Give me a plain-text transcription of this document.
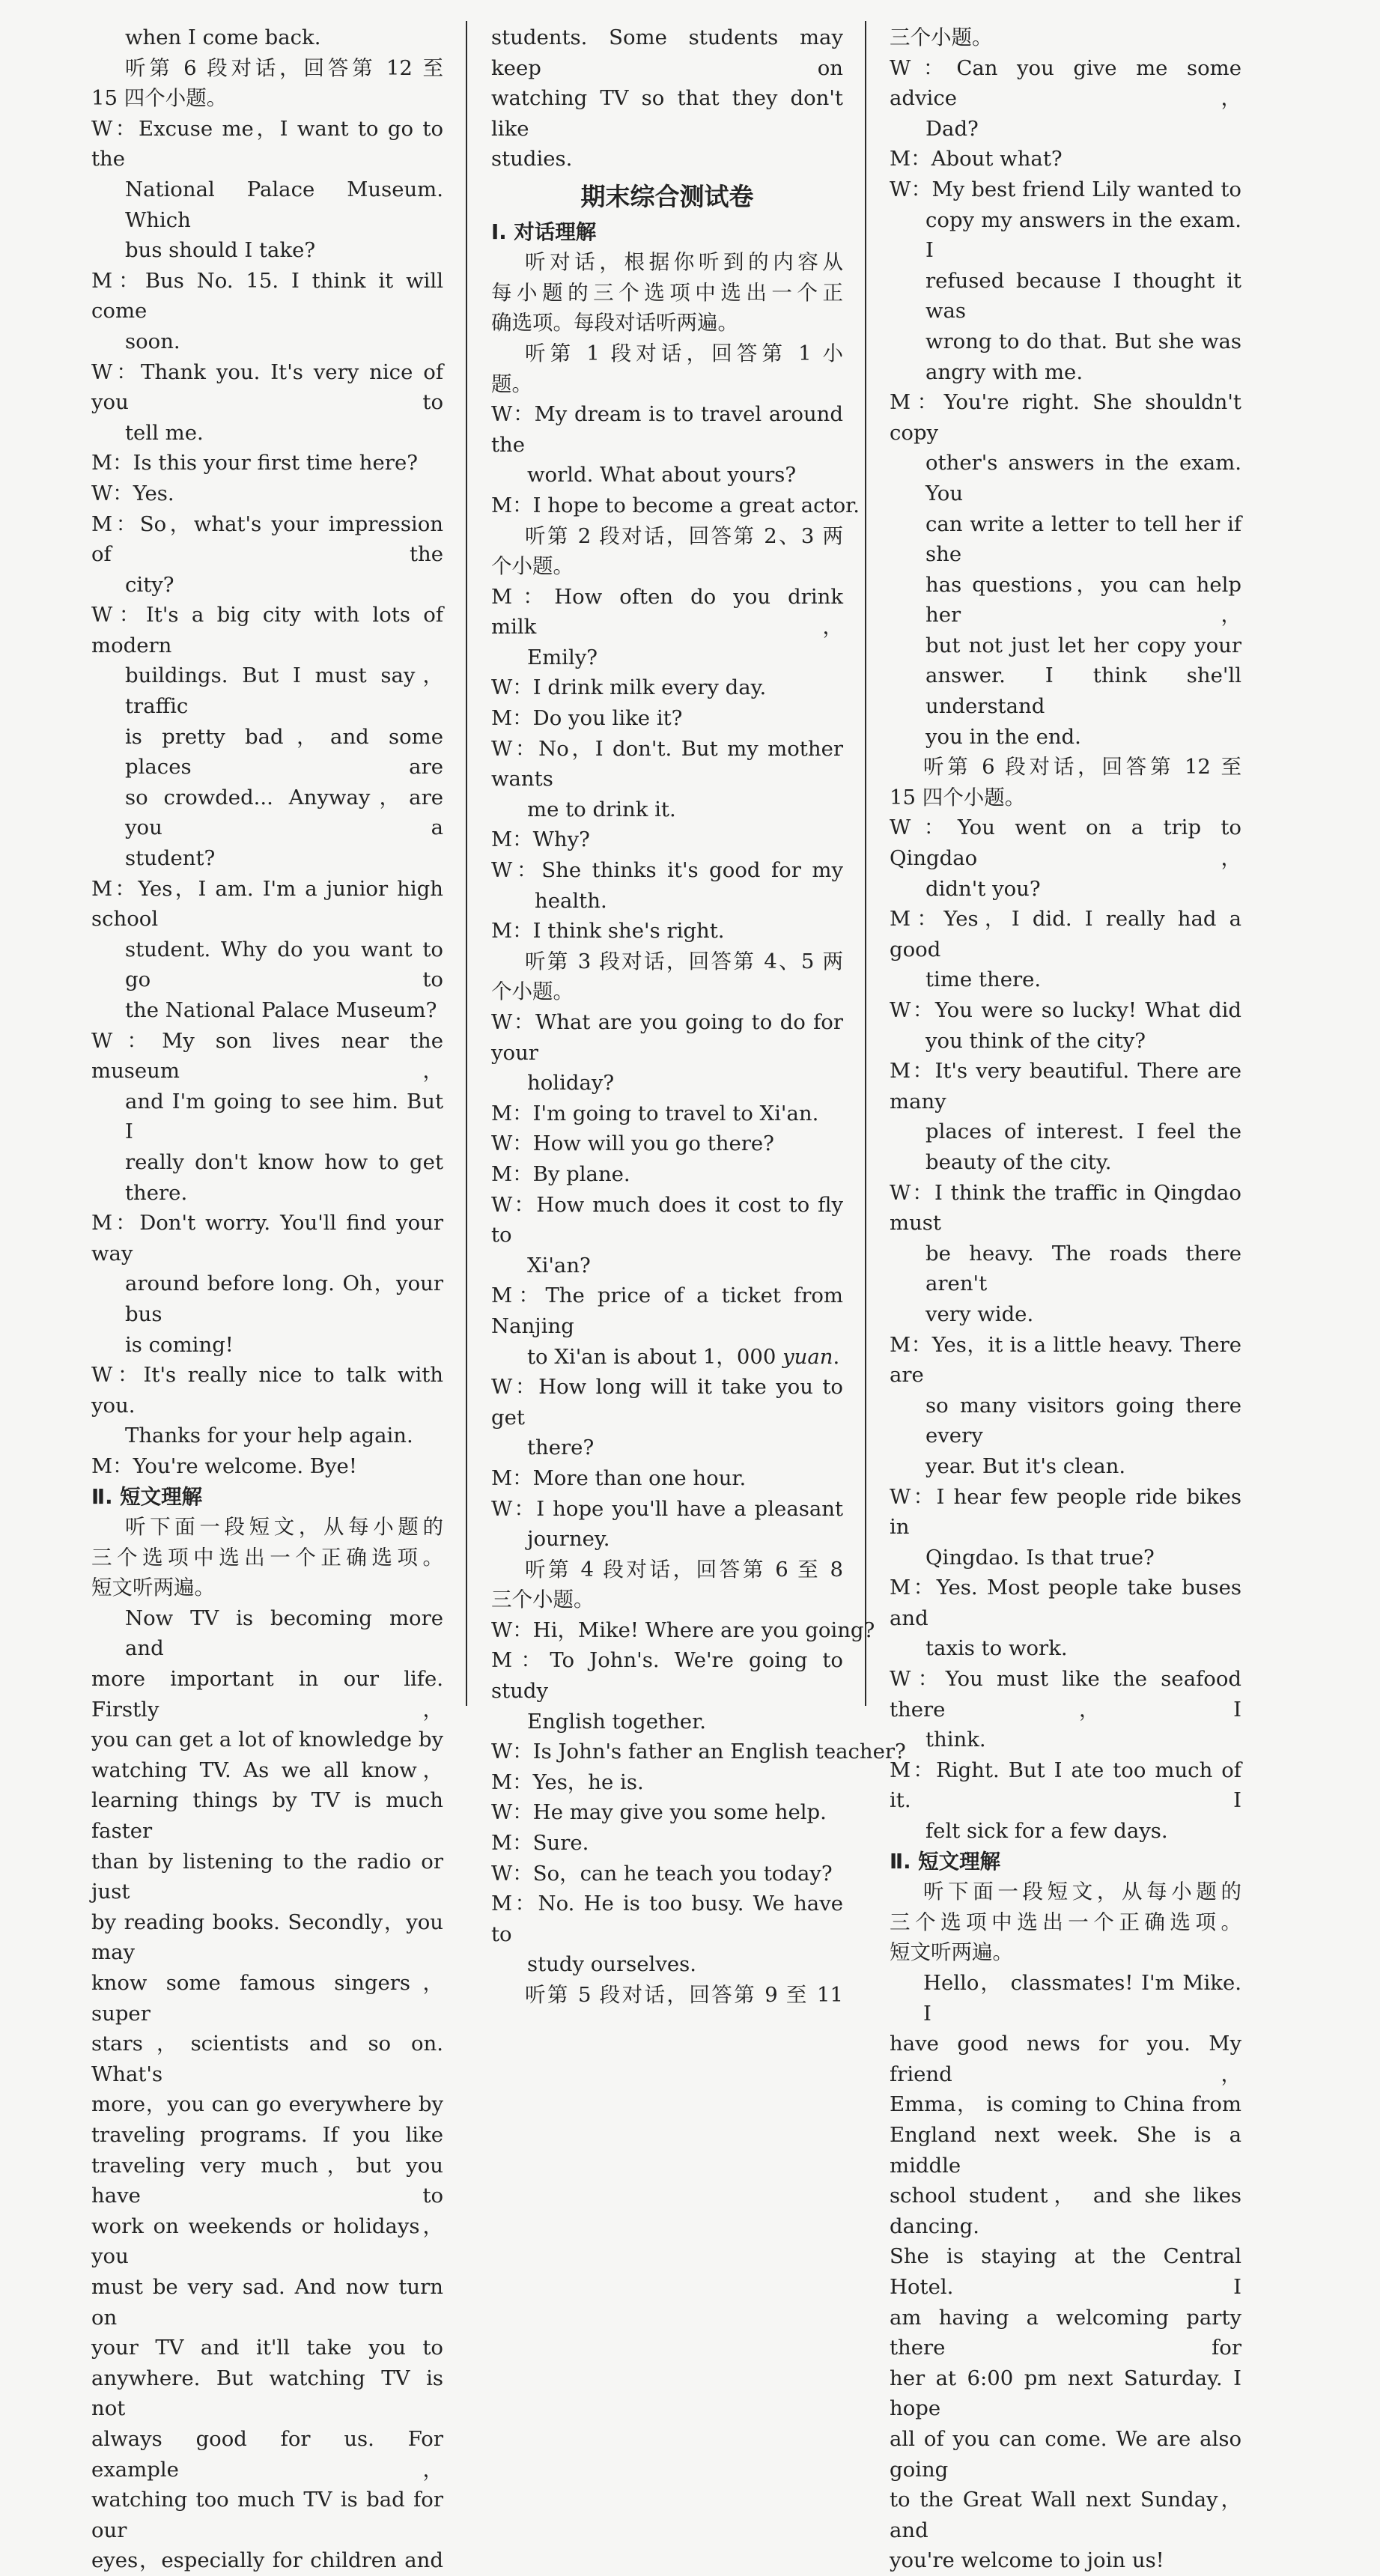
when I come back.
听第 6 段对话，回答第 12 至
15 四个小题。
W：Excuse me，I want to go to the
National Palace Museum. Which
bus should I take?
M：Bus No. 15. I think it will come
soon.
W：Thank you. It's very nice of you to
tell me.
M：Is this your first time here?
W：Yes.
M：So，what's your impression of the
city?
W：It's a big city with lots of modern
buildings. But I must say，traffic
is pretty bad，and some places are
so crowded... Anyway，are you a
student?
M：Yes，I am. I'm a junior high school
student. Why do you want to go to
the National Palace Museum?
W：My son lives near the museum，
and I'm going to see him. But I
really don't know how to get
there.
M：Don't worry. You'll find your way
around before long. Oh，your bus
is coming!
W：It's really nice to talk with you.
Thanks for your help again.
M：You're welcome. Bye!
Ⅱ. 短文理解
听下面一段短文，从每小题的
三个选项中选出一个正确选项。
短文听两遍。
Now TV is becoming more and
more important in our life. Firstly，
you can get a lot of knowledge by
watching TV. As we all know，
learning things by TV is much faster
than by listening to the radio or just
by reading books. Secondly，you may
know some famous singers，super
stars，scientists and so on. What's
more，you can go everywhere by
traveling programs. If you like
traveling very much，but you have to
work on weekends or holidays，you
must be very sad. And now turn on
your TV and it'll take you to
anywhere. But watching TV is not
always good for us. For example，
watching too much TV is bad for our
eyes，especially for children and
students. Some students may keep on
watching TV so that they don't like
studies.
期末综合测试卷
Ⅰ. 对话理解
听对话，根据你听到的内容从
每小题的三个选项中选出一个正
确选项。每段对话听两遍。
听第 1 段对话，回答第 1 小
题。
W：My dream is to travel around the
world. What about yours?
M：I hope to become a great actor.
听第 2 段对话，回答第 2、3 两
个小题。
M：How often do you drink milk，
Emily?
W：I drink milk every day.
M：Do you like it?
W：No，I don't. But my mother wants
me to drink it.
M：Why?
W：She thinks it's good for my
health.
M：I think she's right.
听第 3 段对话，回答第 4、5 两
个小题。
W：What are you going to do for your
holiday?
M：I'm going to travel to Xi'an.
W：How will you go there?
M：By plane.
W：How much does it cost to fly to
Xi'an?
M：The price of a ticket from Nanjing
to Xi'an is about 1，000 yuan.
W：How long will it take you to get
there?
M：More than one hour.
W：I hope you'll have a pleasant
journey.
听第 4 段对话，回答第 6 至 8
三个小题。
W：Hi，Mike! Where are you going?
M：To John's. We're going to study
English together.
W：Is John's father an English teacher?
M：Yes，he is.
W：He may give you some help.
M：Sure.
W：So，can he teach you today?
M：No. He is too busy. We have to
study ourselves.
听第 5 段对话，回答第 9 至 11
三个小题。
W：Can you give me some advice，
Dad?
M：About what?
W：My best friend Lily wanted to
copy my answers in the exam. I
refused because I thought it was
wrong to do that. But she was
angry with me.
M：You're right. She shouldn't copy
other's answers in the exam. You
can write a letter to tell her if she
has questions，you can help her，
but not just let her copy your
answer. I think she'll understand
you in the end.
听第 6 段对话，回答第 12 至
15 四个小题。
W：You went on a trip to Qingdao，
didn't you?
M：Yes，I did. I really had a good
time there.
W：You were so lucky! What did
you think of the city?
M：It's very beautiful. There are many
places of interest. I feel the
beauty of the city.
W：I think the traffic in Qingdao must
be heavy. The roads there aren't
very wide.
M：Yes，it is a little heavy. There are
so many visitors going there every
year. But it's clean.
W：I hear few people ride bikes in
Qingdao. Is that true?
M：Yes. Most people take buses and
taxis to work.
W：You must like the seafood there，I
think.
M：Right. But I ate too much of it. I
felt sick for a few days.
Ⅱ. 短文理解
听下面一段短文，从每小题的
三个选项中选出一个正确选项。
短文听两遍。
Hello， classmates! I'm Mike. I
have good news for you. My friend，
Emma， is coming to China from
England next week. She is a middle
school student， and she likes dancing.
She is staying at the Central Hotel. I
am having a welcoming party there for
her at 6:00 pm next Saturday. I hope
all of you can come. We are also going
to the Great Wall next Sunday， and
you're welcome to join us!
